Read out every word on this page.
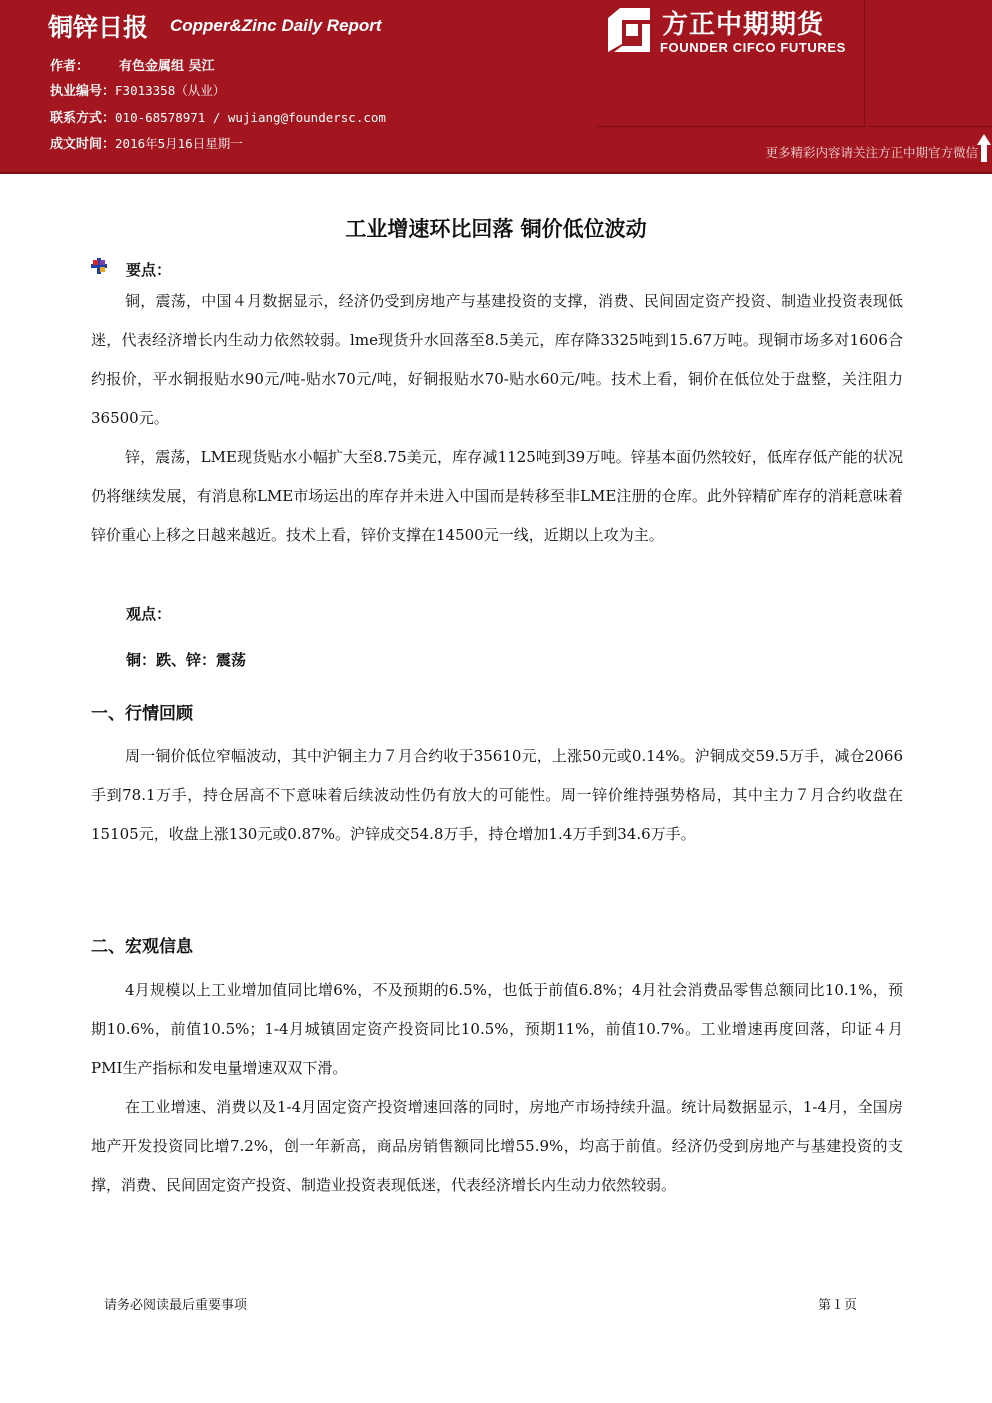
铜锌日报 Copper&Zinc Daily Report
作者： 有色金属组 吴江
执业编号：F3013358（从业）
联系方式：010-68578971 / wujiang@foundersc.com
成文时间：2016年5月16日星期一
方正中期期货
FOUNDER CIFCO FUTURES
更多精彩内容请关注方正中期官方微信
工业增速环比回落 铜价低位波动
要点：

铜，震荡，中国４月数据显示，经济仍受到房地产与基建投资的支撑，消费、民间固定资产投资、制造业投资表现低迷，代表经济增长内生动力依然较弱。lme现货升水回落至8.5美元，库存降3325吨到15.67万吨。现铜市场多对1606合约报价，平水铜报贴水90元/吨-贴水70元/吨，好铜报贴水70-贴水60元/吨。技术上看，铜价在低位处于盘整，关注阻力36500元。

锌，震荡，LME现货贴水小幅扩大至8.75美元，库存减1125吨到39万吨。锌基本面仍然较好，低库存低产能的状况仍将继续发展，有消息称LME市场运出的库存并未进入中国而是转移至非LME注册的仓库。此外锌精矿库存的消耗意味着锌价重心上移之日越来越近。技术上看，锌价支撑在14500元一线，近期以上攻为主。

观点：
铜：跌、锌：震荡
一、行情回顾

周一铜价低位窄幅波动，其中沪铜主力７月合约收于35610元，上涨50元或0.14%。沪铜成交59.5万手，减仓2066手到78.1万手，持仓居高不下意味着后续波动性仍有放大的可能性。周一锌价维持强势格局，其中主力７月合约收盘在15105元，收盘上涨130元或0.87%。沪锌成交54.8万手，持仓增加1.4万手到34.6万手。

二、宏观信息

4月规模以上工业增加值同比增6%，不及预期的6.5%，也低于前值6.8%；4月社会消费品零售总额同比10.1%，预期10.6%，前值10.5%；1-4月城镇固定资产投资同比10.5%，预期11%，前值10.7%。工业增速再度回落，印证４月PMI生产指标和发电量增速双双下滑。

在工业增速、消费以及1-4月固定资产投资增速回落的同时，房地产市场持续升温。统计局数据显示，1-4月，全国房地产开发投资同比增7.2%，创一年新高，商品房销售额同比增55.9%，均高于前值。经济仍受到房地产与基建投资的支撑，消费、民间固定资产投资、制造业投资表现低迷，代表经济增长内生动力依然较弱。

请务必阅读最后重要事项	第１页
